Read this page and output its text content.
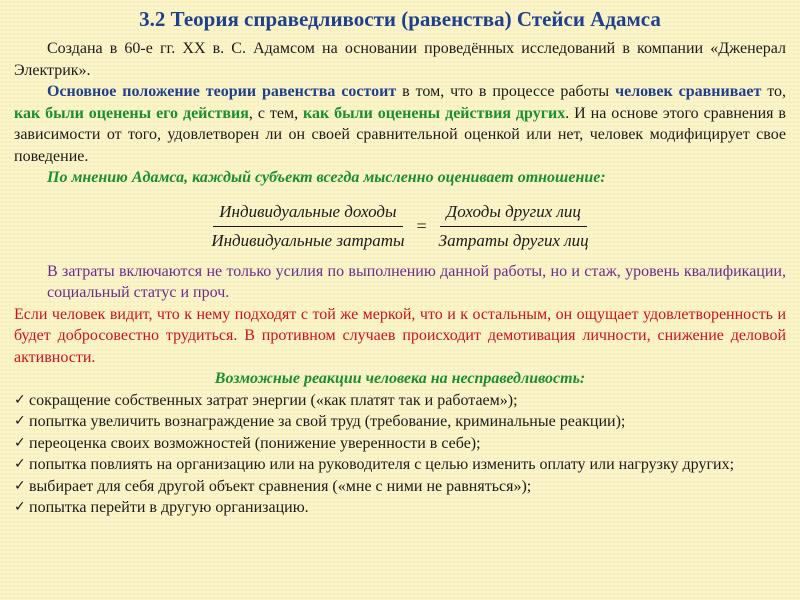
3.2 Теория справедливости (равенства) Стейси Адамса

Создана в 60-е гг. XX в. С. Адамсом на основании проведённых исследований в компании «Дженерал Электрик».

Основное положение теории равенства состоит в том, что в процессе работы человек сравнивает то, как были оценены его действия, с тем, как были оценены действия других. И на основе этого сравнения в зависимости от того, удовлетворен ли он своей сравнительной оценкой или нет, человек модифицирует свое поведение.

По мнению Адамса, каждый субъект всегда мысленно оценивает отношение:

$\frac{\text{Индивидуальные доходы}}{\text{Индивидуальные затраты}} = \frac{\text{Доходы других лиц}}{\text{Затраты других лиц}}$

В затраты включаются не только усилия по выполнению данной работы, но и стаж, уровень квалификации, социальный статус и проч.

Если человек видит, что к нему подходят с той же меркой, что и к остальным, он ощущает удовлетворенность и будет добросовестно трудиться. В противном случаев происходит демотивация личности, снижение деловой активности.

Возможные реакции человека на несправедливость:

✓ сокращение собственных затрат энергии («как платят так и работаем»);
✓ попытка увеличить вознаграждение за свой труд (требование, криминальные реакции);
✓ переоценка своих возможностей (понижение уверенности в себе);
✓ попытка повлиять на организацию или на руководителя с целью изменить оплату или нагрузку других;
✓ выбирает для себя другой объект сравнения («мне с ними не равняться»);
✓ попытка перейти в другую организацию.
